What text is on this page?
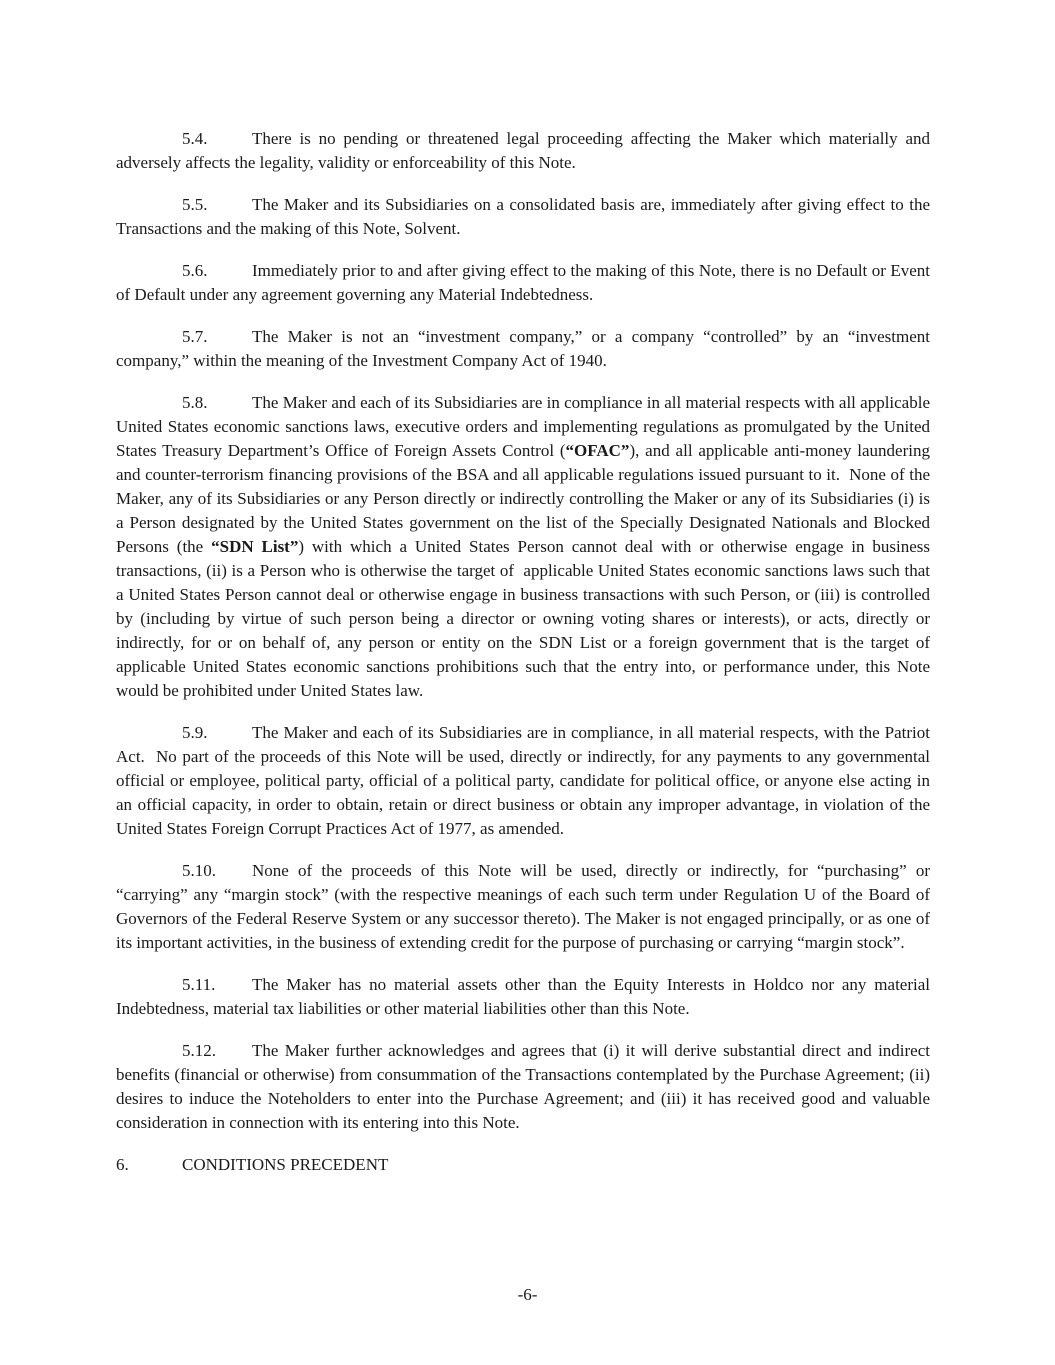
5.4.	There is no pending or threatened legal proceeding affecting the Maker which materially and adversely affects the legality, validity or enforceability of this Note.

5.5.	The Maker and its Subsidiaries on a consolidated basis are, immediately after giving effect to the Transactions and the making of this Note, Solvent.

5.6.	Immediately prior to and after giving effect to the making of this Note, there is no Default or Event of Default under any agreement governing any Material Indebtedness.

5.7.	The Maker is not an “investment company,” or a company “controlled” by an “investment company,” within the meaning of the Investment Company Act of 1940.

5.8.	The Maker and each of its Subsidiaries are in compliance in all material respects with all applicable United States economic sanctions laws, executive orders and implementing regulations as promulgated by the United States Treasury Department’s Office of Foreign Assets Control (“OFAC”), and all applicable anti-money laundering and counter-terrorism financing provisions of the BSA and all applicable regulations issued pursuant to it.  None of the Maker, any of its Subsidiaries or any Person directly or indirectly controlling the Maker or any of its Subsidiaries (i) is a Person designated by the United States government on the list of the Specially Designated Nationals and Blocked Persons (the “SDN List”) with which a United States Person cannot deal with or otherwise engage in business transactions, (ii) is a Person who is otherwise the target of  applicable United States economic sanctions laws such that a United States Person cannot deal or otherwise engage in business transactions with such Person, or (iii) is controlled by (including by virtue of such person being a director or owning voting shares or interests), or acts, directly or indirectly, for or on behalf of, any person or entity on the SDN List or a foreign government that is the target of applicable United States economic sanctions prohibitions such that the entry into, or performance under, this Note would be prohibited under United States law.

5.9.	The Maker and each of its Subsidiaries are in compliance, in all material respects, with the Patriot Act.  No part of the proceeds of this Note will be used, directly or indirectly, for any payments to any governmental official or employee, political party, official of a political party, candidate for political office, or anyone else acting in an official capacity, in order to obtain, retain or direct business or obtain any improper advantage, in violation of the United States Foreign Corrupt Practices Act of 1977, as amended.

5.10. None of the proceeds of this Note will be used, directly or indirectly, for “purchasing” or “carrying” any “margin stock” (with the respective meanings of each such term under Regulation U of the Board of Governors of the Federal Reserve System or any successor thereto). The Maker is not engaged principally, or as one of its important activities, in the business of extending credit for the purpose of purchasing or carrying “margin stock”.

5.11. The Maker has no material assets other than the Equity Interests in Holdco nor any material Indebtedness, material tax liabilities or other material liabilities other than this Note.

5.12. The Maker further acknowledges and agrees that (i) it will derive substantial direct and indirect benefits (financial or otherwise) from consummation of the Transactions contemplated by the Purchase Agreement; (ii) desires to induce the Noteholders to enter into the Purchase Agreement; and (iii) it has received good and valuable consideration in connection with its entering into this Note.

6.	CONDITIONS PRECEDENT
-6-
